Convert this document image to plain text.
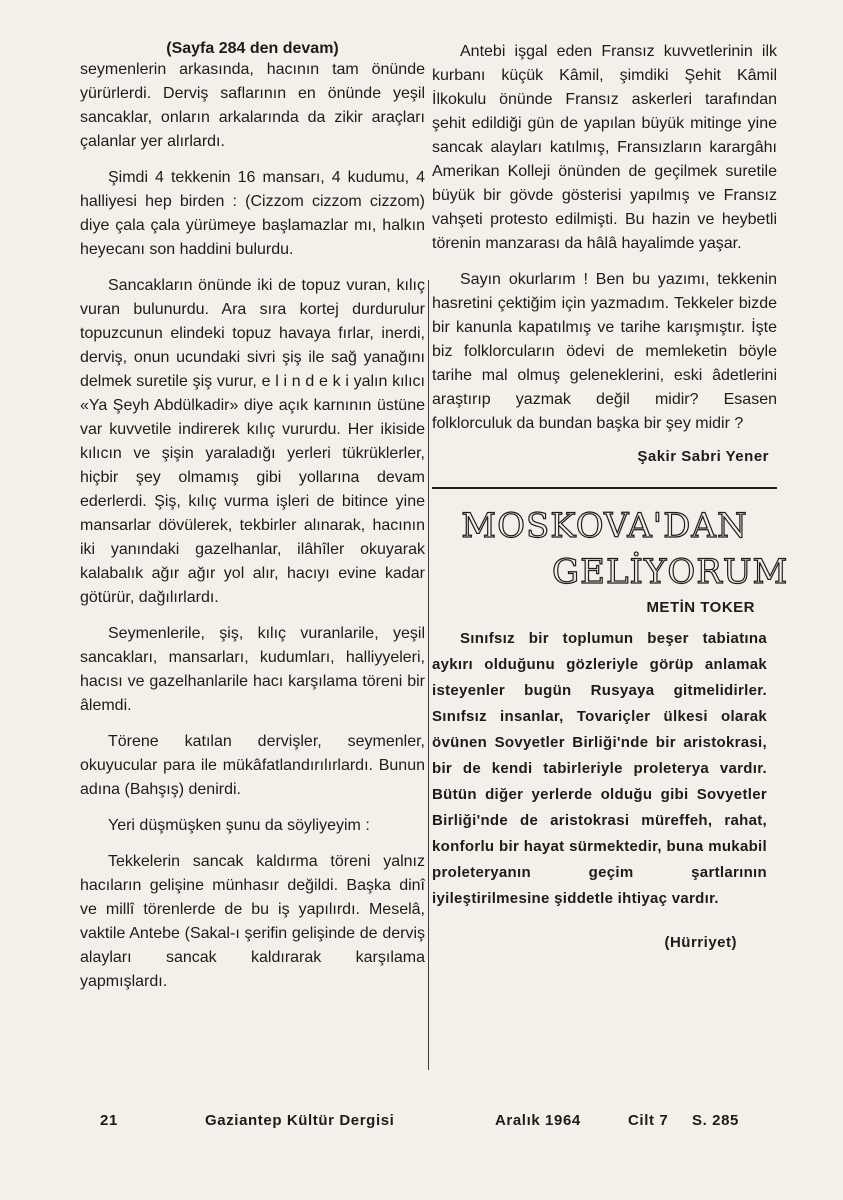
(Sayfa 284 den devam)

seymenlerin arkasında, hacının tam önünde yürürlerdi. Derviş saflarının en önünde yeşil sancaklar, onların arkalarında da zikir araçları çalanlar yer alırlardı.

Şimdi 4 tekkenin 16 mansarı, 4 kudumu, 4 halliyesi hep birden : (Cizzom cizzom cizzom) diye çala çala yürümeye başlamazlar mı, halkın heyecanı son haddini bulurdu.

Sancakların önünde iki de topuz vuran, kılıç vuran bulunurdu. Ara sıra kortej durdurulur topuzcunun elindeki topuz havaya fırlar, inerdi, derviş, onun ucundaki sivri şiş ile sağ yanağını delmek suretile şiş vurur, e l i n d e k i yalın kılıcı «Ya Şeyh Abdülkadir» diye açık karnının üstüne var kuvvetile indirerek kılıç vururdu. Her ikiside kılıcın ve şişin yaraladığı yerleri tükrüklerler, hiçbir şey olmamış gibi yollarına devam ederlerdi. Şiş, kılıç vurma işleri de bitince yine mansarlar dövülerek, tekbirler alınarak, hacının iki yanındaki gazelhanlar, ilâhîler okuyarak kalabalık ağır ağır yol alır, hacıyı evine kadar götürür, dağılırlardı.

Seymenlerile, şiş, kılıç vuranlarile, yeşil sancakları, mansarları, kudumları, halliyyeleri, hacısı ve gazelhanlarile hacı karşılama töreni bir âlemdi.

Törene katılan dervişler, seymenler, okuyucular para ile mükâfatlandırılırlardı. Bunun adına (Bahşış) denirdi.

Yeri düşmüşken şunu da söyliyeyim :

Tekkelerin sancak kaldırma töreni yalnız hacıların gelişine münhasır değildi. Başka dinî ve millî törenlerde de bu iş yapılırdı. Meselâ, vaktile Antebe (Sakal-ı şerifin gelişinde de derviş alayları sancak kaldırarak karşılama yapmışlardı.

Antebi işgal eden Fransız kuvvetlerinin ilk kurbanı küçük Kâmil, şimdiki Şehit Kâmil İlkokulu önünde Fransız askerleri tarafından şehit edildiği gün de yapılan büyük mitinge yine sancak alayları katılmış, Fransızların karargâhı Amerikan Kolleji önünden de geçilmek suretile büyük bir gövde gösterisi yapılmış ve Fransız vahşeti protesto edilmişti. Bu hazin ve heybetli törenin manzarası da hâlâ hayalimde yaşar.

Sayın okurlarım ! Ben bu yazımı, tekkenin hasretini çektiğim için yazmadım. Tekkeler bizde bir kanunla kapatılmış ve tarihe karışmıştır. İşte biz folklorcuların ödevi de memleketin böyle tarihe mal olmuş geleneklerini, eski âdetlerini araştırıp yazmak değil midir? Esasen folklorculuk da bundan başka bir şey midir ?

Şakir Sabri Yener
MOSKOVA'DAN
GELİYORUM
METİN TOKER

Sınıfsız bir toplumun beşer tabiatına aykırı olduğunu gözleriyle görüp anlamak isteyenler bugün Rusyaya gitmelidirler. Sınıfsız insanlar, Tovariçler ülkesi olarak övünen Sovyetler Birliği'nde bir aristokrasi, bir de kendi tabirleriyle proleterya vardır. Bütün diğer yerlerde olduğu gibi Sovyetler Birliği'nde de aristokrasi müreffeh, rahat, konforlu bir hayat sürmektedir, buna mukabil proleteryanın geçim şartlarının iyileştirilmesine şiddetle ihtiyaç vardır.

(Hürriyet)
21	Gaziantep Kültür Dergisi	Aralık 1964	Cilt 7 S. 285
